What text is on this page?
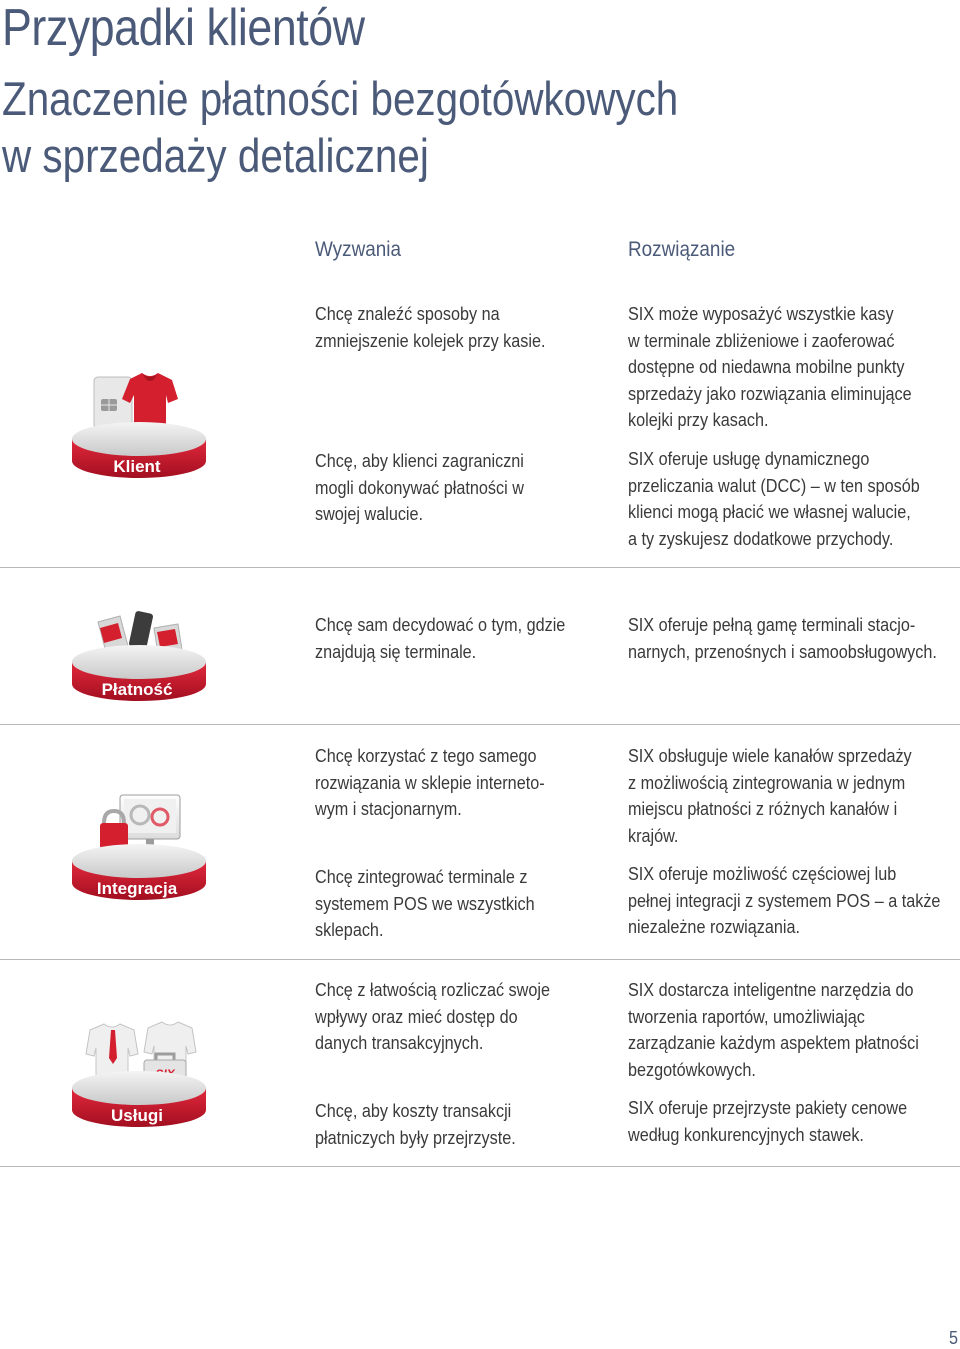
Przypadki klientów
Znaczenie płatności bezgotówkowych
w sprzedaży detalicznej
Wyzwania	Rozwiązanie
Klient
Chcę znaleźć sposoby na
zmniejszenie kolejek przy kasie.
Chcę, aby klienci zagraniczni
mogli dokonywać płatności w
swojej walucie.
SIX może wyposażyć wszystkie kasy
w terminale zbliżeniowe i zaoferować
dostępne od niedawna mobilne punkty
sprzedaży jako rozwiązania eliminujące
kolejki przy kasach.
SIX oferuje usługę dynamicznego
przeliczania walut (DCC) – w ten sposób
klienci mogą płacić we własnej walucie,
a ty zyskujesz dodatkowe przychody.
Płatność
Chcę sam decydować o tym, gdzie
znajdują się terminale.
SIX oferuje pełną gamę terminali stacjo-
narnych, przenośnych i samoobsługowych.
Integracja
Chcę korzystać z tego samego
rozwiązania w sklepie interneto-
wym i stacjonarnym.
Chcę zintegrować terminale z
systemem POS we wszystkich
sklepach.
SIX obsługuje wiele kanałów sprzedaży
z możliwością zintegrowania w jednym
miejscu płatności z różnych kanałów i
krajów.
SIX oferuje możliwość częściowej lub
pełnej integracji z systemem POS – a także
niezależne rozwiązania.
Usługi
Chcę z łatwością rozliczać swoje
wpływy oraz mieć dostęp do
danych transakcyjnych.
Chcę, aby koszty transakcji
płatniczych były przejrzyste.
SIX dostarcza inteligentne narzędzia do
tworzenia raportów, umożliwiając
zarządzanie każdym aspektem płatności
bezgotówkowych.
SIX oferuje przejrzyste pakiety cenowe
według konkurencyjnych stawek.
5
